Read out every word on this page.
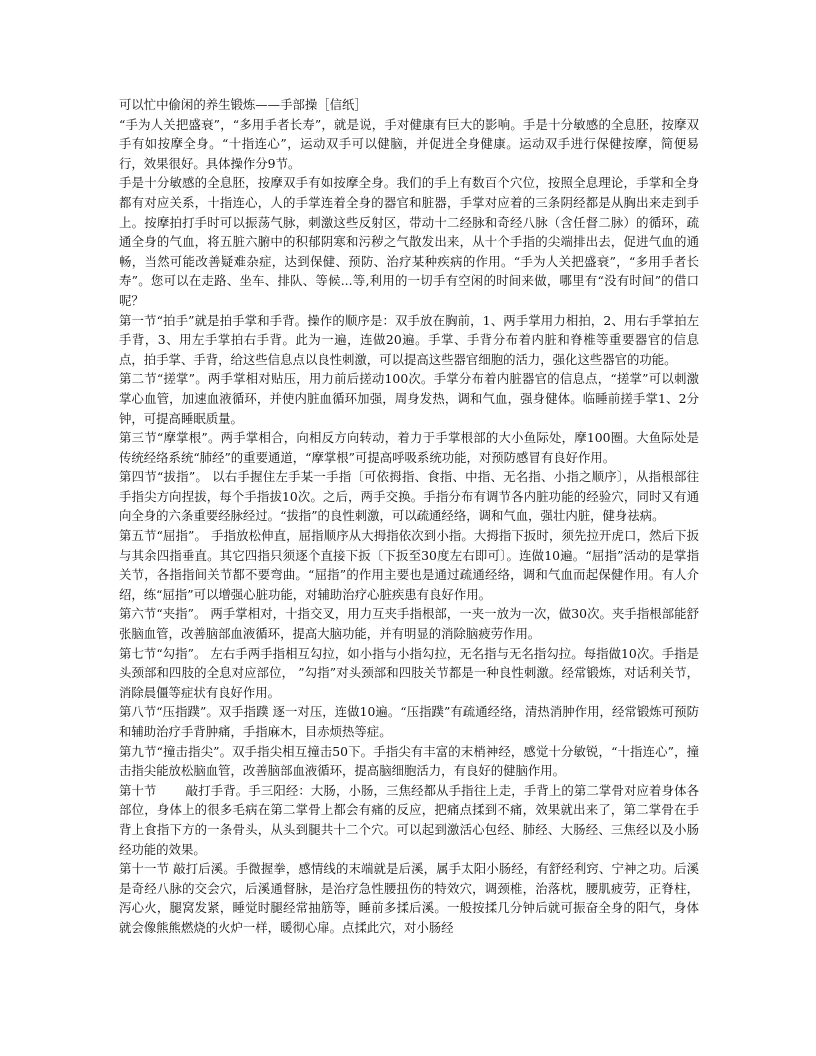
可以忙中偷闲的养生锻炼——手部操［信纸］
“手为人关把盛衰”，“多用手者长寿”，就是说，手对健康有巨大的影响。手是十分敏感的全息胚，按摩双手有如按摩全身。“十指连心”，运动双手可以健脑，并促进全身健康。运动双手进行保健按摩，简便易行，效果很好。具体操作分9节。
手是十分敏感的全息胚，按摩双手有如按摩全身。我们的手上有数百个穴位，按照全息理论，手掌和全身都有对应关系，十指连心，人的手掌连着全身的器官和脏器，手掌对应着的三条阴经都是从胸出来走到手上。按摩拍打手时可以振荡气脉，刺激这些反射区，带动十二经脉和奇经八脉（含任督二脉）的循环，疏通全身的气血，将五脏六腑中的积郁阴寒和污秽之气散发出来，从十个手指的尖端排出去，促进气血的通畅，当然可能改善疑难杂症，达到保健、预防、治疗某种疾病的作用。“手为人关把盛衰”，“多用手者长寿”。您可以在走路、坐车、排队、等候...等,利用的一切手有空闲的时间来做，哪里有“没有时间”的借口呢？
第一节“拍手”就是拍手掌和手背。操作的顺序是：双手放在胸前，1、两手掌用力相拍，2、用右手掌拍左手背，3、用左手掌拍右手背。此为一遍，连做20遍。手掌、手背分布着内脏和脊椎等重要器官的信息点，拍手掌、手背，给这些信息点以良性刺激，可以提高这些器官细胞的活力，强化这些器官的功能。
第二节“搓掌”。两手掌相对贴压，用力前后搓动100次。手掌分布着内脏器官的信息点，“搓掌”可以刺激掌心血管，加速血液循环，并使内脏血循环加强，周身发热，调和气血，强身健体。临睡前搓手掌1、2分钟，可提高睡眠质量。
第三节“摩掌根”。两手掌相合，向相反方向转动，着力于手掌根部的大小鱼际处，摩100圈。大鱼际处是传统经络系统“肺经”的重要通道，“摩掌根”可提高呼吸系统功能，对预防感冒有良好作用。
第四节“拔指”。 以右手握住左手某一手指〔可依拇指、食指、中指、无名指、小指之顺序〕，从指根部往手指尖方向捏拔，每个手指拔10次。之后，两手交换。手指分布有调节各内脏功能的经验穴，同时又有通向全身的六条重要经脉经过。“拔指”的良性刺激，可以疏通经络，调和气血，强壮内脏，健身祛病。
第五节“屈指”。 手指放松伸直，屈指顺序从大拇指依次到小指。大拇指下扳时，须先拉开虎口，然后下扳与其余四指垂直。其它四指只须逐个直接下扳〔下扳至30度左右即可〕。连做10遍。“屈指”活动的是掌指关节，各指指间关节都不要弯曲。“屈指”的作用主要也是通过疏通经络，调和气血而起保健作用。有人介绍，练“屈指”可以增强心脏功能，对辅助治疗心脏疾患有良好作用。
第六节“夹指”。 两手掌相对，十指交叉，用力互夹手指根部，一夹一放为一次，做30次。夹手指根部能舒张脑血管，改善脑部血液循环，提高大脑功能，并有明显的消除脑疲劳作用。
第七节“勾指”。 左右手两手指相互勾拉，如小指与小指勾拉，无名指与无名指勾拉。每指做10次。手指是头颈部和四肢的全息对应部位， ”勾指”对头颈部和四肢关节都是一种良性刺激。经常锻炼，对话利关节，消除晨僵等症状有良好作用。
第八节“压指蹼”。双手指蹼 逐一对压，连做10遍。“压指蹼”有疏通经络，清热消肿作用，经常锻炼可预防和辅助治疗手背肿痛，手指麻木，目赤烦热等症。
第九节“撞击指尖”。双手指尖相互撞击50下。手指尖有丰富的末梢神经，感觉十分敏锐，“十指连心”，撞击指尖能放松脑血管，改善脑部血液循环，提高脑细胞活力，有良好的健脑作用。
第十节　　 敲打手背。手三阳经：大肠，小肠，三焦经都从手指往上走，手背上的第二掌骨对应着身体各部位，身体上的很多毛病在第二掌骨上都会有痛的反应，把痛点揉到不痛，效果就出来了，第二掌骨在手背上食指下方的一条骨头，从头到腿共十二个穴。可以起到激活心包经、肺经、大肠经、三焦经以及小肠经功能的效果。
第十一节 敲打后溪。手微握拳，感情线的末端就是后溪，属手太阳小肠经，有舒经利窍、宁神之功。后溪是奇经八脉的交会穴，后溪通督脉，是治疗急性腰扭伤的特效穴，调颈椎，治落枕，腰肌疲劳，正脊柱，泻心火，腿窝发紧，睡觉时腿经常抽筋等，睡前多揉后溪。一般按揉几分钟后就可振奋全身的阳气，身体就会像熊熊燃烧的火炉一样，暖彻心扉。点揉此穴，对小肠经
